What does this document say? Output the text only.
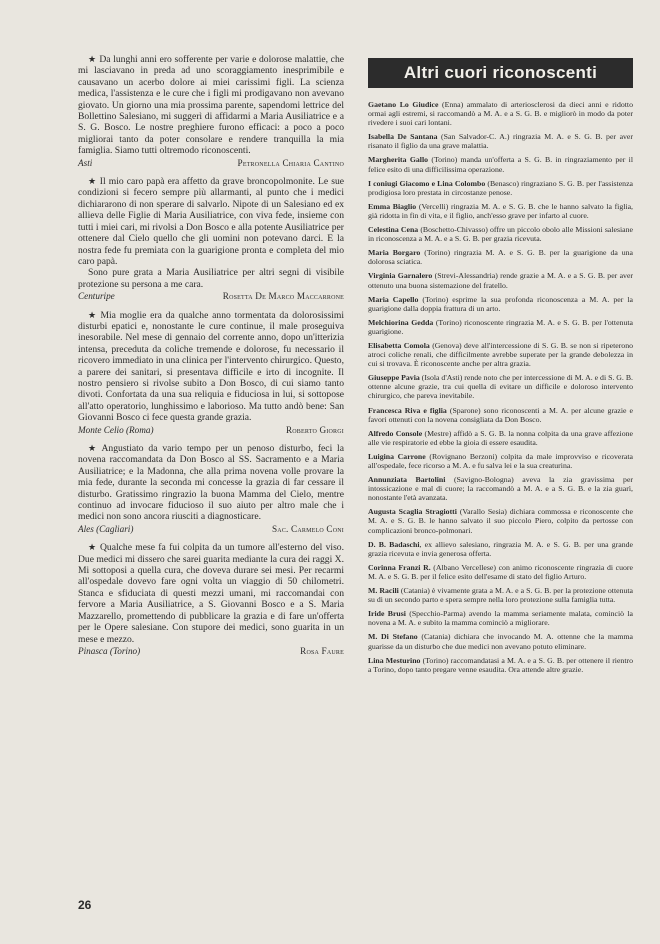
★ Da lunghi anni ero sofferente per varie e dolorose malattie, che mi lasciavano in preda ad uno scoraggiamento inesprimibile e causavano un acerbo dolore ai miei carissimi figli. La scienza medica, l'assistenza e le cure che i figli mi prodigavano non avevano giovato. Un giorno una mia prossima parente, sapendomi lettrice del Bollettino Salesiano, mi suggerì di affidarmi a Maria Ausiliatrice e a S. G. Bosco. Le nostre preghiere furono efficaci: a poco a poco migliorai tanto da poter consolare e rendere tranquilla la mia famiglia. Siamo tutti oltremodo riconoscenti.

Asti	Petronella Chiaria Cantino

★ Il mio caro papà era affetto da grave broncopolmonite. Le sue condizioni si fecero sempre più allarmanti, al punto che i medici dichiararono di non sperare di salvarlo. Nipote di un Salesiano ed ex allieva delle Figlie di Maria Ausiliatrice, con viva fede, insieme con tutti i miei cari, mi rivolsi a Don Bosco e alla potente Ausiliatrice per ottenere dal Cielo quello che gli uomini non potevano darci. E la nostra fede fu premiata con la guarigione pronta e completa del mio caro papà.

Sono pure grata a Maria Ausiliatrice per altri segni di visibile protezione su persona a me cara.

Centuripe	Rosetta De Marco Maccarrone

★ Mia moglie era da qualche anno tormentata da dolorosissimi disturbi epatici e, nonostante le cure continue, il male proseguiva inesorabile. Nel mese di gennaio del corrente anno, dopo un'itterizia intensa, preceduta da coliche tremende e dolorose, fu necessario il ricovero immediato in una clinica per l'intervento chirurgico. Questo, a parere dei sanitari, si presentava difficile e irto di incognite. Il nostro pensiero si rivolse subito a Don Bosco, di cui siamo tanto divoti. Confortata da una sua reliquia e fiduciosa in lui, si sottopose all'atto operatorio, lunghissimo e laborioso. Ma tutto andò bene: San Giovanni Bosco ci fece questa grande grazia.

Monte Celio (Roma)	Roberto Giorgi

★ Angustiato da vario tempo per un penoso disturbo, feci la novena raccomandata da Don Bosco al SS. Sacramento e a Maria Ausiliatrice; e la Madonna, che alla prima novena volle provare la mia fede, durante la seconda mi concesse la grazia di far cessare il disturbo. Gratissimo ringrazio la buona Mamma del Cielo, mentre continuo ad invocare fiducioso il suo aiuto per altro male che i medici non sono ancora riusciti a diagnosticare.

Ales (Cagliari)	Sac. Carmelo Coni

★ Qualche mese fa fui colpita da un tumore all'esterno del viso. Due medici mi dissero che sarei guarita mediante la cura dei raggi X. Mi sottoposi a quella cura, che doveva durare sei mesi. Per recarmi all'ospedale dovevo fare ogni volta un viaggio di 50 chilometri. Stanca e sfiduciata di questi mezzi umani, mi raccomandai con fervore a Maria Ausiliatrice, a S. Giovanni Bosco e a S. Maria Mazzarello, promettendo di pubblicare la grazia e di fare un'offerta per le Opere salesiane. Con stupore dei medici, sono guarita in un mese e mezzo.

Pinasca (Torino)	Rosa Faure
Altri cuori riconoscenti

Gaetano Lo Giudice (Enna) ammalato di arteriosclerosi da dieci anni e ridotto ormai agli estremi, si raccomandò a M. A. e a S. G. B. e migliorò in modo da poter rivedere i suoi cari lontani.

Isabella De Santana (San Salvador-C. A.) ringrazia M. A. e S. G. B. per aver risanato il figlio da una grave malattia.

Margherita Gallo (Torino) manda un'offerta a S. G. B. in ringraziamento per il felice esito di una difficilissima operazione.

I coniugi Giacomo e Lina Colombo (Benasco) ringraziano S. G. B. per l'assistenza prodigiosa loro prestata in circostanze penose.

Emma Biaglio (Vercelli) ringrazia M. A. e S. G. B. che le hanno salvato la figlia, già ridotta in fin di vita, e il figlio, anch'esso grave per infarto al cuore.

Celestina Cena (Boschetto-Chivasso) offre un piccolo obolo alle Missioni salesiane in riconoscenza a M. A. e a S. G. B. per grazia ricevuta.

Maria Borgaro (Torino) ringrazia M. A. e S. G. B. per la guarigione da una dolorosa sciatica.

Virginia Garnalero (Strevi-Alessandria) rende grazie a M. A. e a S. G. B. per aver ottenuto una buona sistemazione del fratello.

Maria Capello (Torino) esprime la sua profonda riconoscenza a M. A. per la guarigione dalla doppia frattura di un arto.

Melchiorina Gedda (Torino) riconoscente ringrazia M. A. e S. G. B. per l'ottenuta guarigione.

Elisabetta Comola (Genova) deve all'intercessione di S. G. B. se non si ripeterono atroci coliche renali, che difficilmente avrebbe superate per la grande debolezza in cui si trovava. È riconoscente anche per altra grazia.

Giuseppe Pavia (Isola d'Asti) rende noto che per intercessione di M. A. e di S. G. B. ottenne alcune grazie, tra cui quella di evitare un difficile e doloroso intervento chirurgico, che pareva inevitabile.

Francesca Riva e figlia (Sparone) sono riconoscenti a M. A. per alcune grazie e favori ottenuti con la novena consigliata da Don Bosco.

Alfredo Console (Mestre) affidò a S. G. B. la nonna colpita da una grave affezione alle vie respiratorie ed ebbe la gioia di essere esaudita.

Luigina Carrone (Rovignano Berzoni) colpita da male improvviso e ricoverata all'ospedale, fece ricorso a M. A. e fu salva lei e la sua creaturina.

Annunziata Bartolini (Savigno-Bologna) aveva la zia gravissima per intossicazione e mal di cuore; la raccomandò a M. A. e a S. G. B. e la zia guarì, nonostante l'età avanzata.

Augusta Scaglia Stragiotti (Varallo Sesia) dichiara commossa e riconoscente che M. A. e S. G. B. le hanno salvato il suo piccolo Piero, colpito da pertosse con complicazioni bronco-polmonari.

D. B. Badaschi, ex allievo salesiano, ringrazia M. A. e S. G. B. per una grande grazia ricevuta e invia generosa offerta.

Corinna Franzi R. (Albano Vercellese) con animo riconoscente ringrazia di cuore M. A. e S. G. B. per il felice esito dell'esame di stato del figlio Arturo.

M. Racili (Catania) è vivamente grata a M. A. e a S. G. B. per la protezione ottenuta su di un secondo parto e spera sempre nella loro protezione sulla famiglia tutta.

Iride Brusi (Specchio-Parma) avendo la mamma seriamente malata, cominciò la novena a M. A. e subito la mamma cominciò a migliorare.

M. Di Stefano (Catania) dichiara che invocando M. A. ottenne che la mamma guarisse da un disturbo che due medici non avevano potuto eliminare.

Lina Mesturino (Torino) raccomandatasi a M. A. e a S. G. B. per ottenere il rientro a Torino, dopo tanto pregare venne esaudita. Ora attende altre grazie.

26
